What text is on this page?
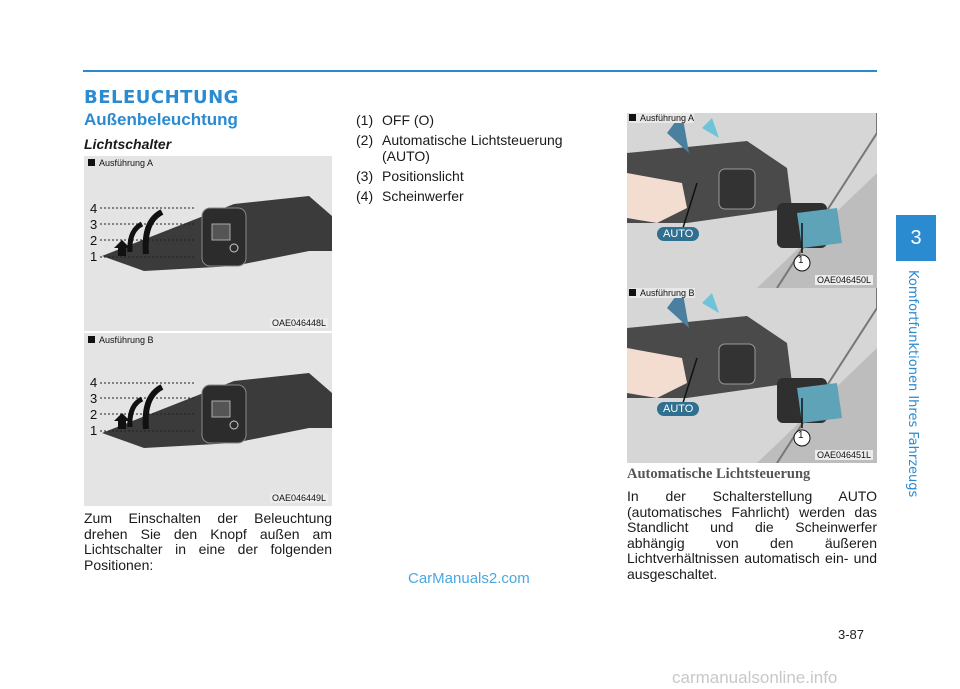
BELEUCHTUNG
Außenbeleuchtung
Lichtschalter
Ausführung A
4
3
2
1
OAE046448L
Ausführung B
4
3
2
1
OAE046449L
Zum Einschalten der Beleuchtung drehen Sie den Knopf außen am Lichtschalter in eine der folgenden Positionen:
(1) OFF (O)
(2) Automatische Lichtsteuerung (AUTO)
(3) Positionslicht
(4) Scheinwerfer
Ausführung A
AUTO
1
OAE046450L
Ausführung B
AUTO
1
OAE046451L
Automatische Lichtsteuerung
In der Schalterstellung AUTO (automatisches Fahrlicht) werden das Standlicht und die Scheinwerfer abhängig von den äußeren Lichtverhältnissen automatisch ein- und ausgeschaltet.
3
Komfortfunktionen Ihres Fahrzeugs
3-87
CarManuals2.com
carmanualsonline.info
